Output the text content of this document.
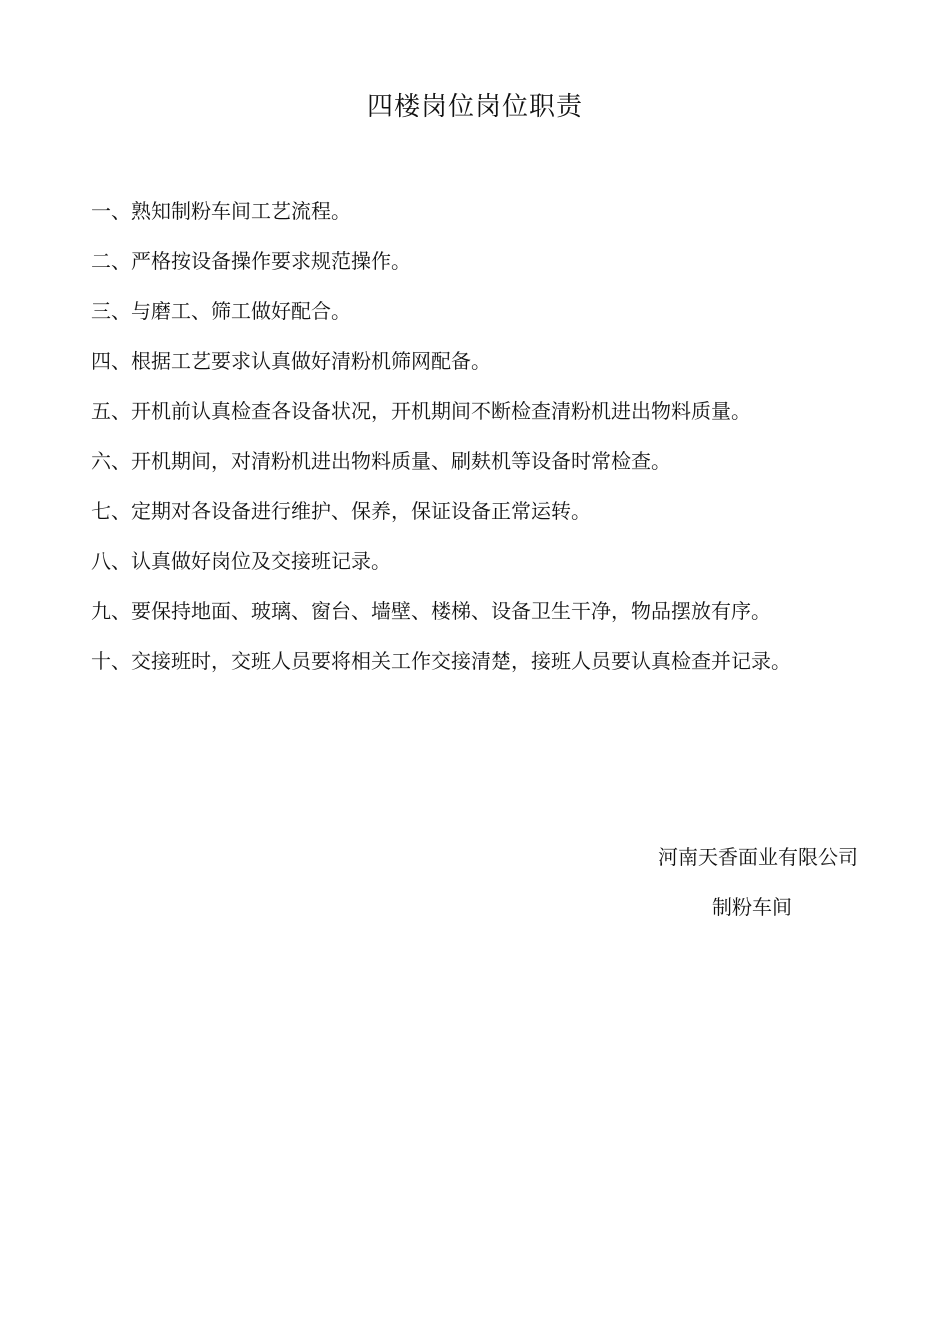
四楼岗位岗位职责
一、熟知制粉车间工艺流程。
二、严格按设备操作要求规范操作。
三、与磨工、筛工做好配合。
四、根据工艺要求认真做好清粉机筛网配备。
五、开机前认真检查各设备状况，开机期间不断检查清粉机进出物料质量。
六、开机期间，对清粉机进出物料质量、刷麸机等设备时常检查。
七、定期对各设备进行维护、保养，保证设备正常运转。
八、认真做好岗位及交接班记录。
九、要保持地面、玻璃、窗台、墙壁、楼梯、设备卫生干净，物品摆放有序。
十、交接班时，交班人员要将相关工作交接清楚，接班人员要认真检查并记录。
河南天香面业有限公司
制粉车间
